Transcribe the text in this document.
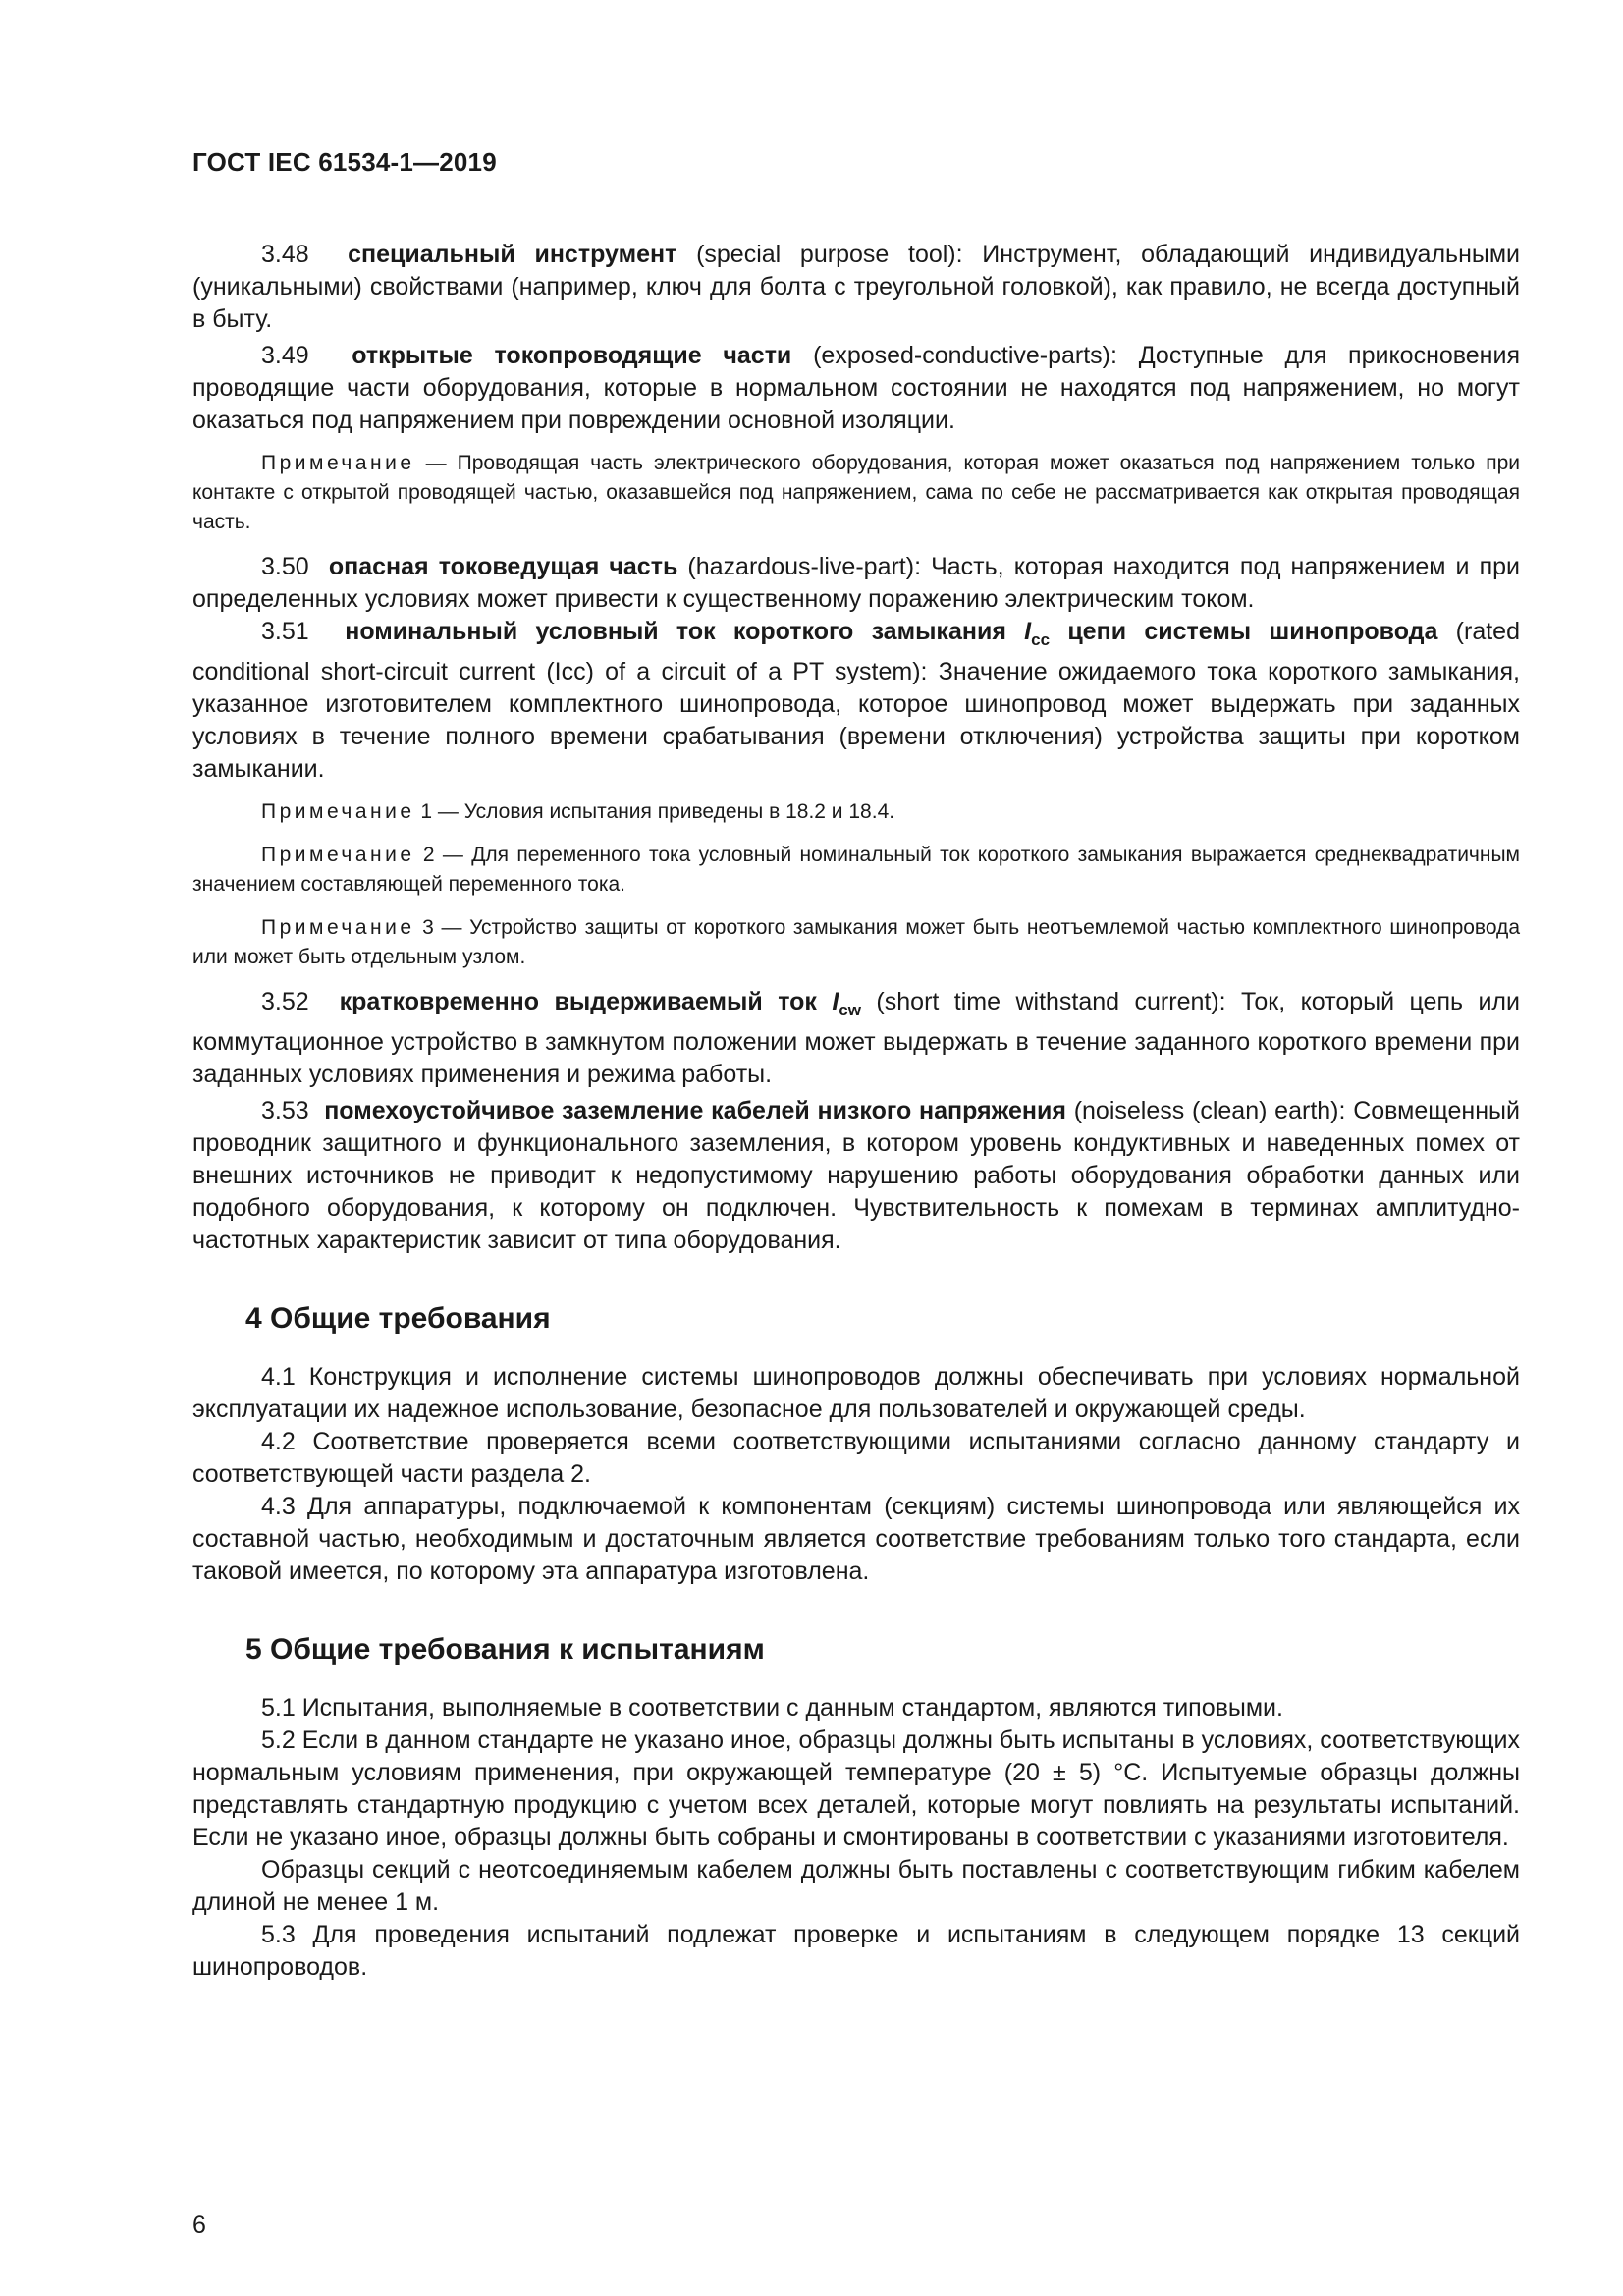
ГОСТ IEC 61534-1—2019

3.48 специальный инструмент (special purpose tool): Инструмент, обладающий индивидуальными (уникальными) свойствами (например, ключ для болта с треугольной головкой), как правило, не всегда доступный в быту.

3.49 открытые токопроводящие части (exposed-conductive-parts): Доступные для прикосновения проводящие части оборудования, которые в нормальном состоянии не находятся под напряжением, но могут оказаться под напряжением при повреждении основной изоляции.

Примечание — Проводящая часть электрического оборудования, которая может оказаться под напряжением только при контакте с открытой проводящей частью, оказавшейся под напряжением, сама по себе не рассматривается как открытая проводящая часть.

3.50 опасная токоведущая часть (hazardous-live-part): Часть, которая находится под напряжением и при определенных условиях может привести к существенному поражению электрическим током.

3.51 номинальный условный ток короткого замыкания $I_{cc}$ цепи системы шинопровода (rated conditional short-circuit current (Icc) of a circuit of a PT system): Значение ожидаемого тока короткого замыкания, указанное изготовителем комплектного шинопровода, которое шинопровод может выдержать при заданных условиях в течение полного времени срабатывания (времени отключения) устройства защиты при коротком замыкании.

Примечание 1 — Условия испытания приведены в 18.2 и 18.4.

Примечание 2 — Для переменного тока условный номинальный ток короткого замыкания выражается среднеквадратичным значением составляющей переменного тока.

Примечание 3 — Устройство защиты от короткого замыкания может быть неотъемлемой частью комплектного шинопровода или может быть отдельным узлом.

3.52 кратковременно выдерживаемый ток $I_{cw}$ (short time withstand current): Ток, который цепь или коммутационное устройство в замкнутом положении может выдержать в течение заданного короткого времени при заданных условиях применения и режима работы.

3.53 помехоустойчивое заземление кабелей низкого напряжения (noiseless (clean) earth): Совмещенный проводник защитного и функционального заземления, в котором уровень кондуктивных и наведенных помех от внешних источников не приводит к недопустимому нарушению работы оборудования обработки данных или подобного оборудования, к которому он подключен. Чувствительность к помехам в терминах амплитудно-частотных характеристик зависит от типа оборудования.

4 Общие требования

4.1 Конструкция и исполнение системы шинопроводов должны обеспечивать при условиях нормальной эксплуатации их надежное использование, безопасное для пользователей и окружающей среды.

4.2 Соответствие проверяется всеми соответствующими испытаниями согласно данному стандарту и соответствующей части раздела 2.

4.3 Для аппаратуры, подключаемой к компонентам (секциям) системы шинопровода или являющейся их составной частью, необходимым и достаточным является соответствие требованиям только того стандарта, если таковой имеется, по которому эта аппаратура изготовлена.

5 Общие требования к испытаниям

5.1 Испытания, выполняемые в соответствии с данным стандартом, являются типовыми.

5.2 Если в данном стандарте не указано иное, образцы должны быть испытаны в условиях, соответствующих нормальным условиям применения, при окружающей температуре (20 ± 5) °С. Испытуемые образцы должны представлять стандартную продукцию с учетом всех деталей, которые могут повлиять на результаты испытаний. Если не указано иное, образцы должны быть собраны и смонтированы в соответствии с указаниями изготовителя.

Образцы секций с неотсоединяемым кабелем должны быть поставлены с соответствующим гибким кабелем длиной не менее 1 м.

5.3 Для проведения испытаний подлежат проверке и испытаниям в следующем порядке 13 секций шинопроводов.

6
